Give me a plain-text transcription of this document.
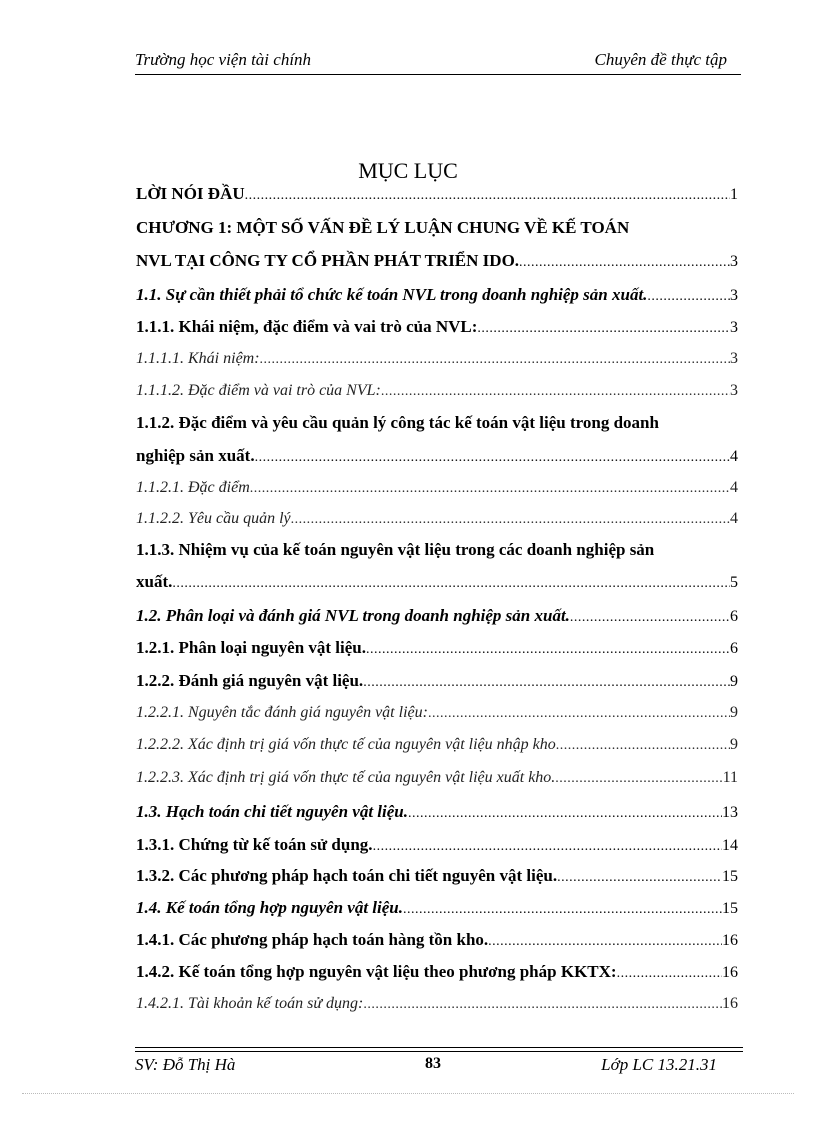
Trường học viện tài chính	Chuyên đề thực tập
MỤC LỤC
LỜI NÓI ĐẦU .....	1
CHƯƠNG 1: MỘT SỐ VẤN ĐỀ LÝ LUẬN CHUNG VỀ KẾ TOÁN
NVL TẠI CÔNG TY CỔ PHẦN PHÁT TRIỂN IDO. .....	3
1.1. Sự cần thiết phải tổ chức kế toán NVL trong doanh nghiệp sản xuất. .....	3
1.1.1. Khái niệm, đặc điểm và vai trò của NVL: .....	3
1.1.1.1. Khái niệm: .....	3
1.1.1.2. Đặc điểm và vai trò của NVL: .....	3
1.1.2. Đặc điểm và yêu cầu quản lý công tác kế toán vật liệu trong doanh
nghiệp sản xuất. .....	4
1.1.2.1. Đặc điểm .....	4
1.1.2.2. Yêu cầu quản lý .....	4
1.1.3. Nhiệm vụ của kế toán nguyên vật liệu trong các doanh nghiệp sản
xuất. .....	5
1.2. Phân loại và đánh giá NVL trong doanh nghiệp sản xuất. .....	6
1.2.1. Phân loại nguyên vật liệu. .....	6
1.2.2. Đánh giá nguyên vật liệu. .....	9
1.2.2.1. Nguyên tắc đánh giá nguyên vật liệu: .....	9
1.2.2.2. Xác định trị giá vốn thực tế của nguyên vật liệu nhập kho .....	9
1.2.2.3. Xác định trị giá vốn thực tế của nguyên vật liệu xuất kho. .....	11
1.3. Hạch toán chi tiết nguyên vật liệu. .....	13
1.3.1. Chứng từ kế toán sử dụng. .....	14
1.3.2. Các phương pháp hạch toán chi tiết nguyên vật liệu. .....	15
1.4. Kế toán tổng hợp nguyên vật liệu. .....	15
1.4.1. Các phương pháp hạch toán hàng tồn kho. .....	16
1.4.2. Kế toán tổng hợp nguyên vật liệu theo phương pháp KKTX: .....	16
1.4.2.1. Tài khoản kế toán sử dụng: .....	16
SV: Đỗ Thị Hà	83	Lớp LC 13.21.31
